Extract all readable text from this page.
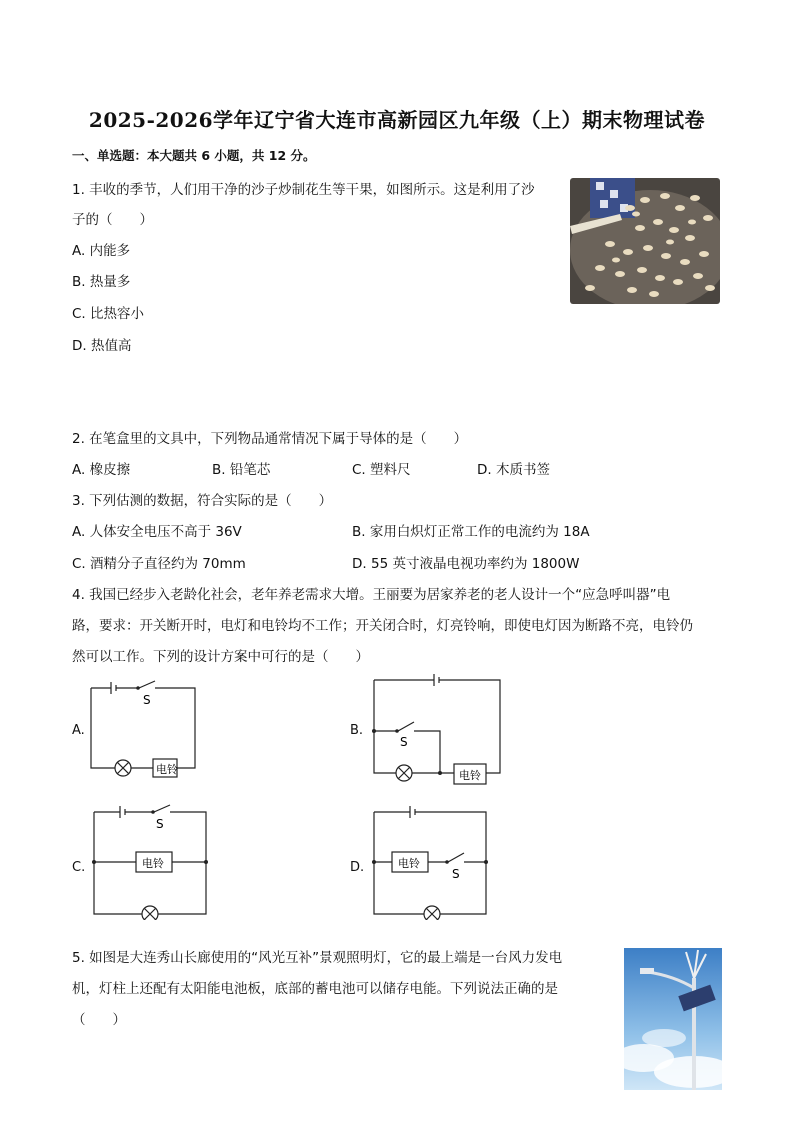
2025-2026学年辽宁省大连市高新园区九年级（上）期末物理试卷
一、单选题：本大题共 6 小题，共 12 分。
1. 丰收的季节，人们用干净的沙子炒制花生等干果，如图所示。这是利用了沙
子的（　　）
A. 内能多
B. 热量多
C. 比热容小
D. 热值高
2. 在笔盒里的文具中，下列物品通常情况下属于导体的是（　　）
A. 橡皮擦	B. 铅笔芯	C. 塑料尺	D. 木质书签
3. 下列估测的数据，符合实际的是（　　）
A. 人体安全电压不高于 36V	B. 家用白炽灯正常工作的电流约为 18A
C. 酒精分子直径约为 70mm	D. 55 英寸液晶电视功率约为 1800W
4. 我国已经步入老龄化社会，老年养老需求大增。王丽要为居家养老的老人设计一个“应急呼叫器”电
路，要求：开关断开时，电灯和电铃均不工作；开关闭合时，灯亮铃响，即使电灯因为断路不亮，电铃仍
然可以工作。下列的设计方案中可行的是（　　）
A.
S
电铃
B.
S
电铃
C.
S
电铃	D.	S
电铃
5. 如图是大连秀山长廊使用的“风光互补”景观照明灯，它的最上端是一台风力发电
机，灯柱上还配有太阳能电池板，底部的蓄电池可以储存电能。下列说法正确的是
（　　）
